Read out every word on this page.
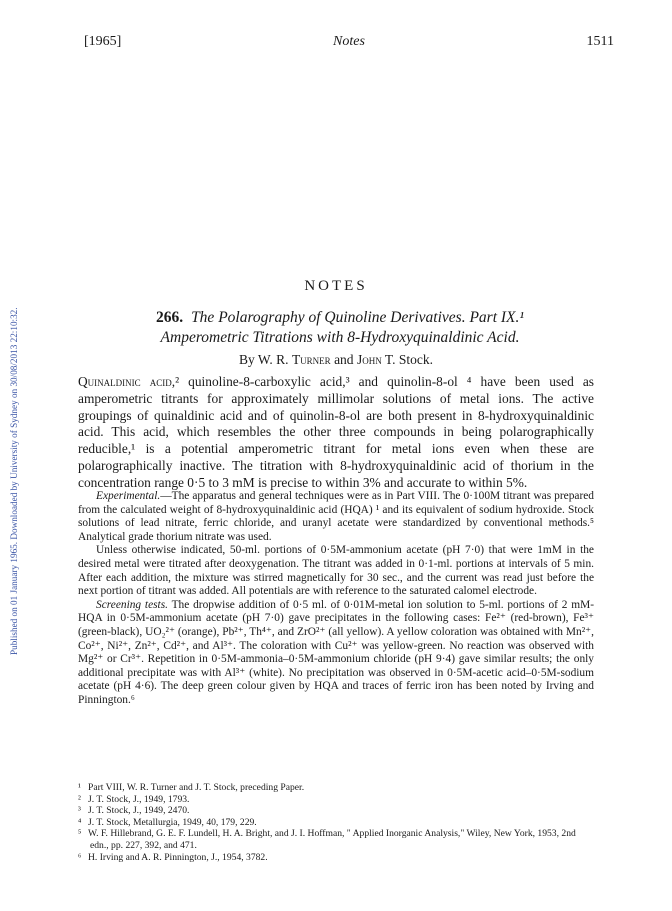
[1965]	Notes	1511
Published on 01 January 1965. Downloaded by University of Sydney on 30/08/2013 22:10:32.
NOTES
266. The Polarography of Quinoline Derivatives. Part IX.¹
Amperometric Titrations with 8-Hydroxyquinaldinic Acid.
By W. R. Turner and John T. Stock.

Quinaldinic acid,² quinoline-8-carboxylic acid,³ and quinolin-8-ol ⁴ have been used as amperometric titrants for approximately millimolar solutions of metal ions. The active groupings of quinaldinic acid and of quinolin-8-ol are both present in 8-hydroxyquinaldinic acid. This acid, which resembles the other three compounds in being polarographically reducible,¹ is a potential amperometric titrant for metal ions even when these are polarographically inactive. The titration with 8-hydroxyquinaldinic acid of thorium in the concentration range 0·5 to 3 mM is precise to within 3% and accurate to within 5%.

Experimental.—The apparatus and general techniques were as in Part VIII. The 0·100M titrant was prepared from the calculated weight of 8-hydroxyquinaldinic acid (HQA) ¹ and its equivalent of sodium hydroxide. Stock solutions of lead nitrate, ferric chloride, and uranyl acetate were standardized by conventional methods.⁵ Analytical grade thorium nitrate was used.

Unless otherwise indicated, 50-ml. portions of 0·5M-ammonium acetate (pH 7·0) that were 1mM in the desired metal were titrated after deoxygenation. The titrant was added in 0·1-ml. portions at intervals of 5 min. After each addition, the mixture was stirred magnetically for 30 sec., and the current was read just before the next portion of titrant was added. All potentials are with reference to the saturated calomel electrode.

Screening tests. The dropwise addition of 0·5 ml. of 0·01M-metal ion solution to 5-ml. portions of 2 mM-HQA in 0·5M-ammonium acetate (pH 7·0) gave precipitates in the following cases: Fe²⁺ (red-brown), Fe³⁺ (green-black), UO₂²⁺ (orange), Pb²⁺, Th⁴⁺, and ZrO²⁺ (all yellow). A yellow coloration was obtained with Mn²⁺, Co²⁺, Ni²⁺, Zn²⁺, Cd²⁺, and Al³⁺. The coloration with Cu²⁺ was yellow-green. No reaction was observed with Mg²⁺ or Cr³⁺. Repetition in 0·5M-ammonia–0·5M-ammonium chloride (pH 9·4) gave similar results; the only additional precipitate was with Al³⁺ (white). No precipitation was observed in 0·5M-acetic acid–0·5M-sodium acetate (pH 4·6). The deep green colour given by HQA and traces of ferric iron has been noted by Irving and Pinnington.⁶

¹ Part VIII, W. R. Turner and J. T. Stock, preceding Paper.
² J. T. Stock, J., 1949, 1793.
³ J. T. Stock, J., 1949, 2470.
⁴ J. T. Stock, Metallurgia, 1949, 40, 179, 229.
⁵ W. F. Hillebrand, G. E. F. Lundell, H. A. Bright, and J. I. Hoffman, " Applied Inorganic Analysis," Wiley, New York, 1953, 2nd edn., pp. 227, 392, and 471.
⁶ H. Irving and A. R. Pinnington, J., 1954, 3782.
